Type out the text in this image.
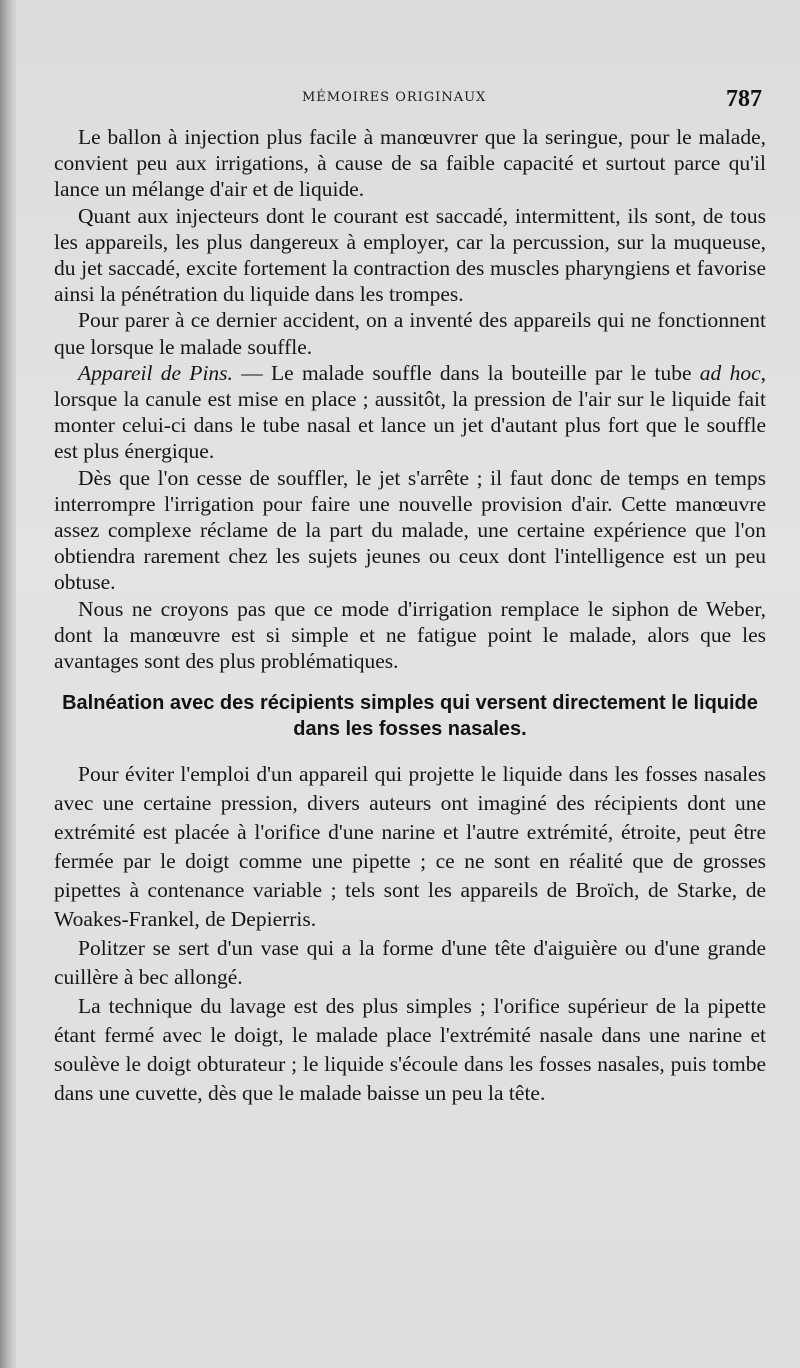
MÉMOIRES ORIGINAUX	787

Le ballon à injection plus facile à manœuvrer que la seringue, pour le malade, convient peu aux irrigations, à cause de sa faible capacité et surtout parce qu'il lance un mélange d'air et de liquide.

Quant aux injecteurs dont le courant est saccadé, intermittent, ils sont, de tous les appareils, les plus dangereux à employer, car la percussion, sur la muqueuse, du jet saccadé, excite fortement la contraction des muscles pharyngiens et favorise ainsi la pénétration du liquide dans les trompes.

Pour parer à ce dernier accident, on a inventé des appareils qui ne fonctionnent que lorsque le malade souffle.

Appareil de Pins. — Le malade souffle dans la bouteille par le tube ad hoc, lorsque la canule est mise en place ; aussitôt, la pression de l'air sur le liquide fait monter celui-ci dans le tube nasal et lance un jet d'autant plus fort que le souffle est plus énergique.

Dès que l'on cesse de souffler, le jet s'arrête ; il faut donc de temps en temps interrompre l'irrigation pour faire une nouvelle provision d'air. Cette manœuvre assez complexe réclame de la part du malade, une certaine expérience que l'on obtiendra rarement chez les sujets jeunes ou ceux dont l'intelligence est un peu obtuse.

Nous ne croyons pas que ce mode d'irrigation remplace le siphon de Weber, dont la manœuvre est si simple et ne fatigue point le malade, alors que les avantages sont des plus problématiques.

Balnéation avec des récipients simples qui versent directement le liquide dans les fosses nasales.

Pour éviter l'emploi d'un appareil qui projette le liquide dans les fosses nasales avec une certaine pression, divers auteurs ont imaginé des récipients dont une extrémité est placée à l'orifice d'une narine et l'autre extrémité, étroite, peut être fermée par le doigt comme une pipette ; ce ne sont en réalité que de grosses pipettes à contenance variable ; tels sont les appareils de Broïch, de Starke, de Woakes-Frankel, de Depierris.

Politzer se sert d'un vase qui a la forme d'une tête d'aiguière ou d'une grande cuillère à bec allongé.

La technique du lavage est des plus simples ; l'orifice supérieur de la pipette étant fermé avec le doigt, le malade place l'extrémité nasale dans une narine et soulève le doigt obturateur ; le liquide s'écoule dans les fosses nasales, puis tombe dans une cuvette, dès que le malade baisse un peu la tête.
